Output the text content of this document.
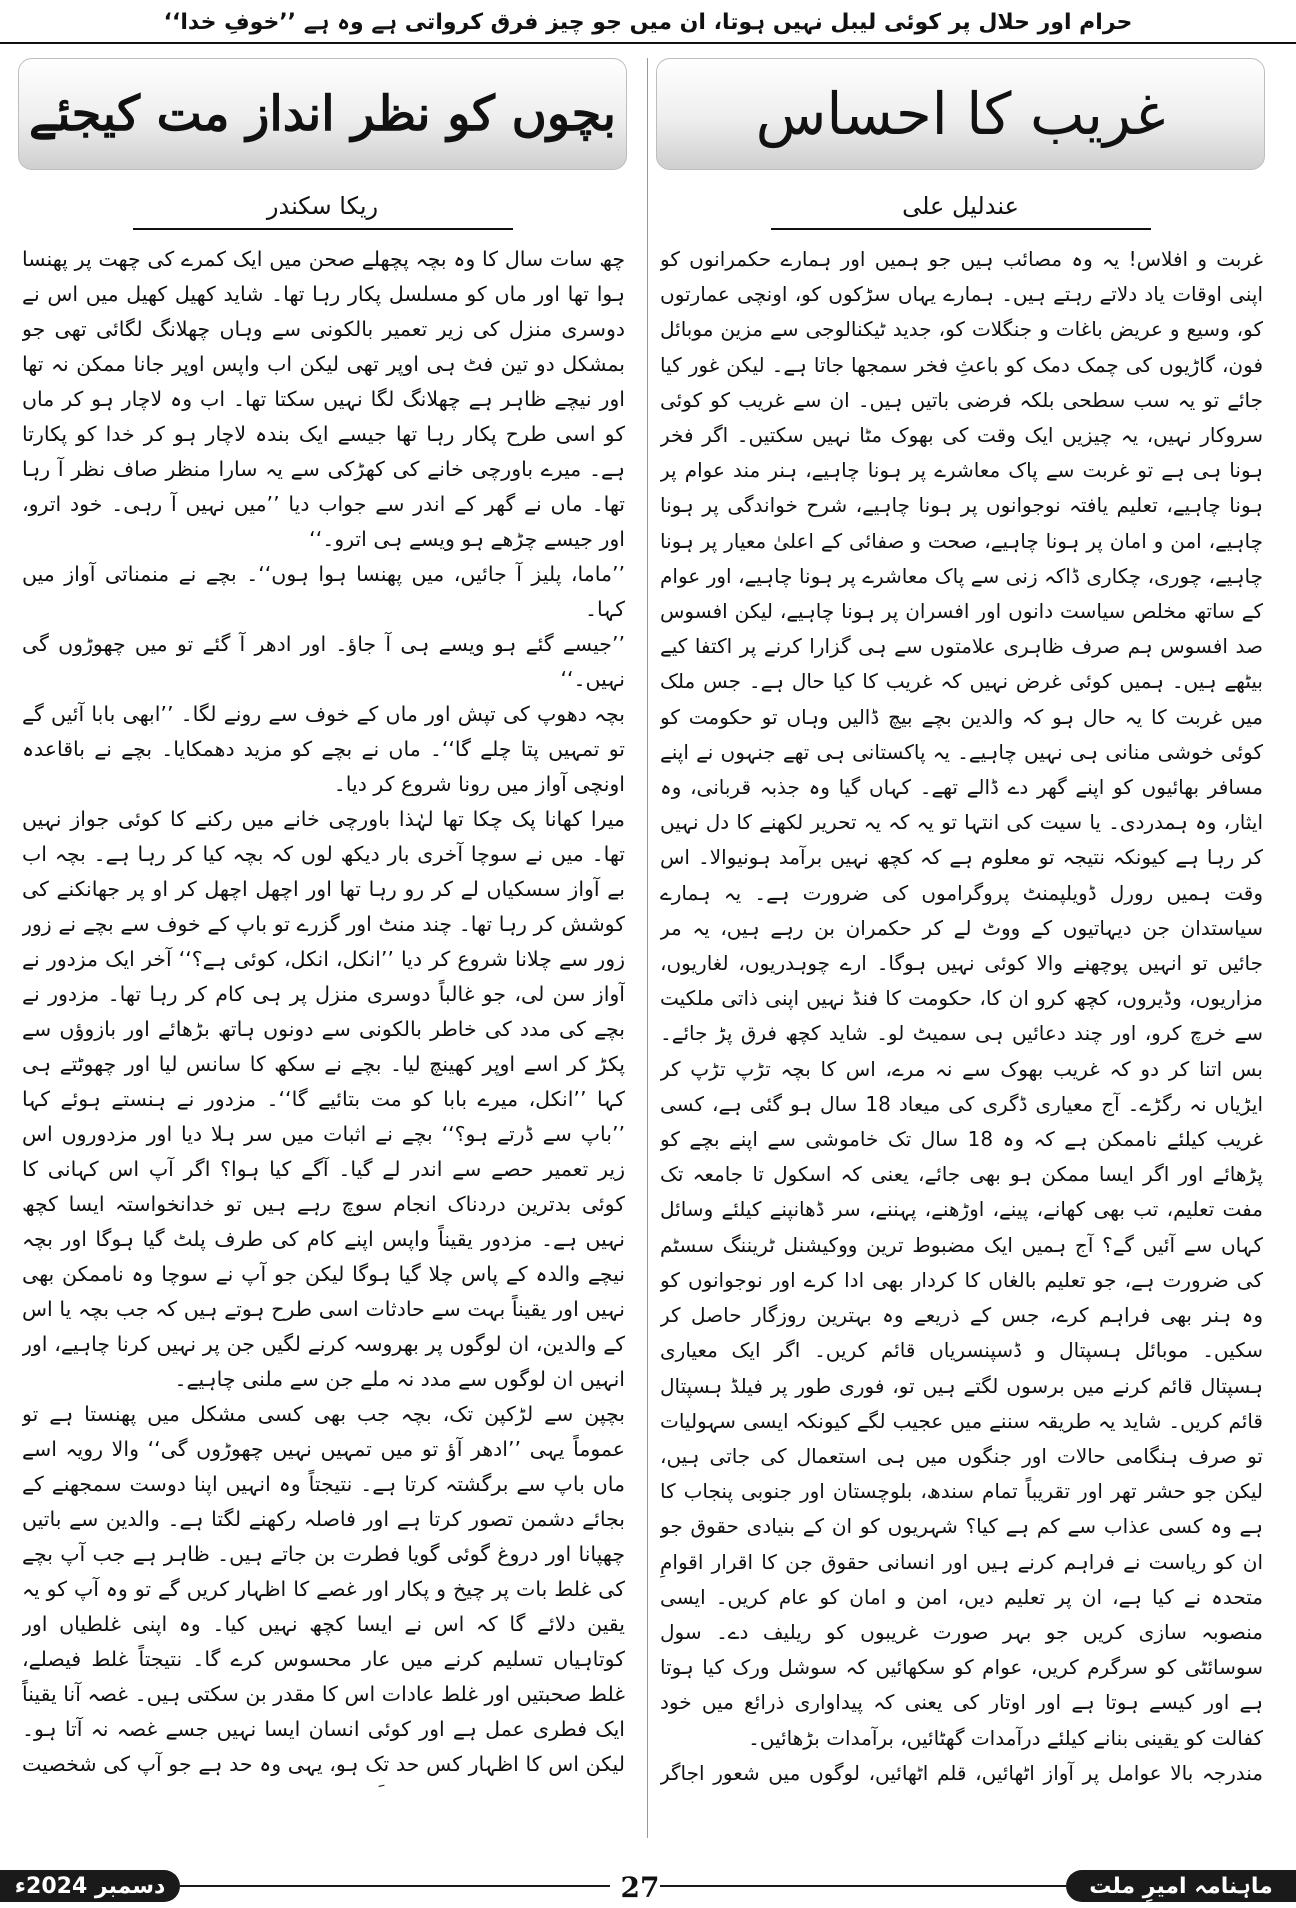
حرام اور حلال پر کوئی لیبل نہیں ہوتا، ان میں جو چیز فرق کرواتی ہے وہ ہے ’’خوفِ خدا‘‘
غریب کا احساس
عندلیل علی

غربت و افلاس! یہ وہ مصائب ہیں جو ہمیں اور ہمارے حکمرانوں کو اپنی اوقات یاد دلاتے رہتے ہیں۔ ہمارے یہاں سڑکوں کو، اونچی عمارتوں کو، وسیع و عریض باغات و جنگلات کو، جدید ٹیکنالوجی سے مزین موبائل فون، گاڑیوں کی چمک دمک کو باعثِ فخر سمجھا جاتا ہے۔ لیکن غور کیا جائے تو یہ سب سطحی بلکہ فرضی باتیں ہیں۔ ان سے غریب کو کوئی سروکار نہیں، یہ چیزیں ایک وقت کی بھوک مٹا نہیں سکتیں۔ اگر فخر ہونا ہی ہے تو غربت سے پاک معاشرے پر ہونا چاہیے، ہنر مند عوام پر ہونا چاہیے، تعلیم یافتہ نوجوانوں پر ہونا چاہیے، شرح خواندگی پر ہونا چاہیے، امن و امان پر ہونا چاہیے، صحت و صفائی کے اعلیٰ معیار پر ہونا چاہیے، چوری، چکاری ڈاکہ زنی سے پاک معاشرے پر ہونا چاہیے، اور عوام کے ساتھ مخلص سیاست دانوں اور افسران پر ہونا چاہیے، لیکن افسوس صد افسوس ہم صرف ظاہری علامتوں سے ہی گزارا کرنے پر اکتفا کیے بیٹھے ہیں۔ ہمیں کوئی غرض نہیں کہ غریب کا کیا حال ہے۔ جس ملک میں غربت کا یہ حال ہو کہ والدین بچے بیچ ڈالیں وہاں تو حکومت کو کوئی خوشی منانی ہی نہیں چاہیے۔ یہ پاکستانی ہی تھے جنہوں نے اپنے مسافر بھائیوں کو اپنے گھر دے ڈالے تھے۔ کہاں گیا وہ جذبہ قربانی، وہ ایثار، وہ ہمدردی۔ یا سیت کی انتہا تو یہ کہ یہ تحریر لکھنے کا دل نہیں کر رہا ہے کیونکہ نتیجہ تو معلوم ہے کہ کچھ نہیں برآمد ہونیوالا۔ اس وقت ہمیں رورل ڈویلپمنٹ پروگراموں کی ضرورت ہے۔ یہ ہمارے سیاستدان جن دیہاتیوں کے ووٹ لے کر حکمران بن رہے ہیں، یہ مر جائیں تو انہیں پوچھنے والا کوئی نہیں ہوگا۔ ارے چوہدریوں، لغاریوں، مزاریوں، وڈیروں، کچھ کرو ان کا، حکومت کا فنڈ نہیں اپنی ذاتی ملکیت سے خرچ کرو، اور چند دعائیں ہی سمیٹ لو۔ شاید کچھ فرق پڑ جائے۔ بس اتنا کر دو کہ غریب بھوک سے نہ مرے، اس کا بچہ تڑپ تڑپ کر ایڑیاں نہ رگڑے۔ آج معیاری ڈگری کی میعاد 18 سال ہو گئی ہے، کسی غریب کیلئے ناممکن ہے کہ وہ 18 سال تک خاموشی سے اپنے بچے کو پڑھائے اور اگر ایسا ممکن ہو بھی جائے، یعنی کہ اسکول تا جامعہ تک مفت تعلیم، تب بھی کھانے، پینے، اوڑھنے، پہننے، سر ڈھانپنے کیلئے وسائل کہاں سے آئیں گے؟ آج ہمیں ایک مضبوط ترین ووکیشنل ٹریننگ سسٹم کی ضرورت ہے، جو تعلیم بالغاں کا کردار بھی ادا کرے اور نوجوانوں کو وہ ہنر بھی فراہم کرے، جس کے ذریعے وہ بہترین روزگار حاصل کر سکیں۔ موبائل ہسپتال و ڈسپنسریاں قائم کریں۔ اگر ایک معیاری ہسپتال قائم کرنے میں برسوں لگتے ہیں تو، فوری طور پر فیلڈ ہسپتال قائم کریں۔ شاید یہ طریقہ سننے میں عجیب لگے کیونکہ ایسی سہولیات تو صرف ہنگامی حالات اور جنگوں میں ہی استعمال کی جاتی ہیں، لیکن جو حشر تھر اور تقریباً تمام سندھ، بلوچستان اور جنوبی پنجاب کا ہے وہ کسی عذاب سے کم ہے کیا؟ شہریوں کو ان کے بنیادی حقوق جو ان کو ریاست نے فراہم کرنے ہیں اور انسانی حقوق جن کا اقرار اقوامِ متحدہ نے کیا ہے، ان پر تعلیم دیں، امن و امان کو عام کریں۔ ایسی منصوبہ سازی کریں جو بہر صورت غریبوں کو ریلیف دے۔ سول سوسائٹی کو سرگرم کریں، عوام کو سکھائیں کہ سوشل ورک کیا ہوتا ہے اور کیسے ہوتا ہے اور اوتار کی یعنی کہ پیداواری ذرائع میں خود کفالت کو یقینی بنانے کیلئے درآمدات گھٹائیں، برآمدات بڑھائیں۔

مندرجہ بالا عوامل پر آواز اٹھائیں، قلم اٹھائیں، لوگوں میں شعور اجاگر

بچوں کو نظر انداز مت کیجئے
ریکا سکندر

چھ سات سال کا وہ بچہ پچھلے صحن میں ایک کمرے کی چھت پر پھنسا ہوا تھا اور ماں کو مسلسل پکار رہا تھا۔ شاید کھیل کھیل میں اس نے دوسری منزل کی زیر تعمیر بالکونی سے وہاں چھلانگ لگائی تھی جو بمشکل دو تین فٹ ہی اوپر تھی لیکن اب واپس اوپر جانا ممکن نہ تھا اور نیچے ظاہر ہے چھلانگ لگا نہیں سکتا تھا۔ اب وہ لاچار ہو کر ماں کو اسی طرح پکار رہا تھا جیسے ایک بندہ لاچار ہو کر خدا کو پکارتا ہے۔ میرے باورچی خانے کی کھڑکی سے یہ سارا منظر صاف نظر آ رہا تھا۔ ماں نے گھر کے اندر سے جواب دیا ’’میں نہیں آ رہی۔ خود اترو، اور جیسے چڑھے ہو ویسے ہی اترو۔‘‘

’’ماما، پلیز آ جائیں، میں پھنسا ہوا ہوں‘‘۔ بچے نے منمناتی آواز میں کہا۔

’’جیسے گئے ہو ویسے ہی آ جاؤ۔ اور ادھر آ گئے تو میں چھوڑوں گی نہیں۔‘‘

بچہ دھوپ کی تپش اور ماں کے خوف سے رونے لگا۔ ’’ابھی بابا آئیں گے تو تمہیں پتا چلے گا‘‘۔ ماں نے بچے کو مزید دھمکایا۔ بچے نے باقاعدہ اونچی آواز میں رونا شروع کر دیا۔

میرا کھانا پک چکا تھا لہٰذا باورچی خانے میں رکنے کا کوئی جواز نہیں تھا۔ میں نے سوچا آخری بار دیکھ لوں کہ بچہ کیا کر رہا ہے۔ بچہ اب بے آواز سسکیاں لے کر رو رہا تھا اور اچھل اچھل کر او پر جھانکنے کی کوشش کر رہا تھا۔ چند منٹ اور گزرے تو باپ کے خوف سے بچے نے زور زور سے چلانا شروع کر دیا ’’انکل، انکل، کوئی ہے؟‘‘ آخر ایک مزدور نے آواز سن لی، جو غالباً دوسری منزل پر ہی کام کر رہا تھا۔ مزدور نے بچے کی مدد کی خاطر بالکونی سے دونوں ہاتھ بڑھائے اور بازوؤں سے پکڑ کر اسے اوپر کھینچ لیا۔ بچے نے سکھ کا سانس لیا اور چھوٹتے ہی کہا ’’انکل، میرے بابا کو مت بتائیے گا‘‘۔ مزدور نے ہنستے ہوئے کہا ’’باپ سے ڈرتے ہو؟‘‘ بچے نے اثبات میں سر ہلا دیا اور مزدوروں اس زیر تعمیر حصے سے اندر لے گیا۔ آگے کیا ہوا؟ اگر آپ اس کہانی کا کوئی بدترین دردناک انجام سوچ رہے ہیں تو خدانخواستہ ایسا کچھ نہیں ہے۔ مزدور یقیناً واپس اپنے کام کی طرف پلٹ گیا ہوگا اور بچہ نیچے والدہ کے پاس چلا گیا ہوگا لیکن جو آپ نے سوچا وہ ناممکن بھی نہیں اور یقیناً بہت سے حادثات اسی طرح ہوتے ہیں کہ جب بچہ یا اس کے والدین، ان لوگوں پر بھروسہ کرنے لگیں جن پر نہیں کرنا چاہیے، اور انہیں ان لوگوں سے مدد نہ ملے جن سے ملنی چاہیے۔

بچپن سے لڑکپن تک، بچہ جب بھی کسی مشکل میں پھنستا ہے تو عموماً یہی ’’ادھر آؤ تو میں تمہیں نہیں چھوڑوں گی‘‘ والا رویہ اسے ماں باپ سے برگشتہ کرتا ہے۔ نتیجتاً وہ انہیں اپنا دوست سمجھنے کے بجائے دشمن تصور کرتا ہے اور فاصلہ رکھنے لگتا ہے۔ والدین سے باتیں چھپانا اور دروغ گوئی گویا فطرت بن جاتے ہیں۔ ظاہر ہے جب آپ بچے کی غلط بات پر چیخ و پکار اور غصے کا اظہار کریں گے تو وہ آپ کو یہ یقین دلائے گا کہ اس نے ایسا کچھ نہیں کیا۔ وہ اپنی غلطیاں اور کوتاہیاں تسلیم کرنے میں عار محسوس کرے گا۔ نتیجتاً غلط فیصلے، غلط صحبتیں اور غلط عادات اس کا مقدر بن سکتی ہیں۔ غصہ آنا یقیناً ایک فطری عمل ہے اور کوئی انسان ایسا نہیں جسے غصہ نہ آتا ہو۔ لیکن اس کا اظہار کس حد تک ہو، یہی وہ حد ہے جو آپ کی شخصیت

دسمبر 2024ء	27	ماہنامہ امیرِ ملت
